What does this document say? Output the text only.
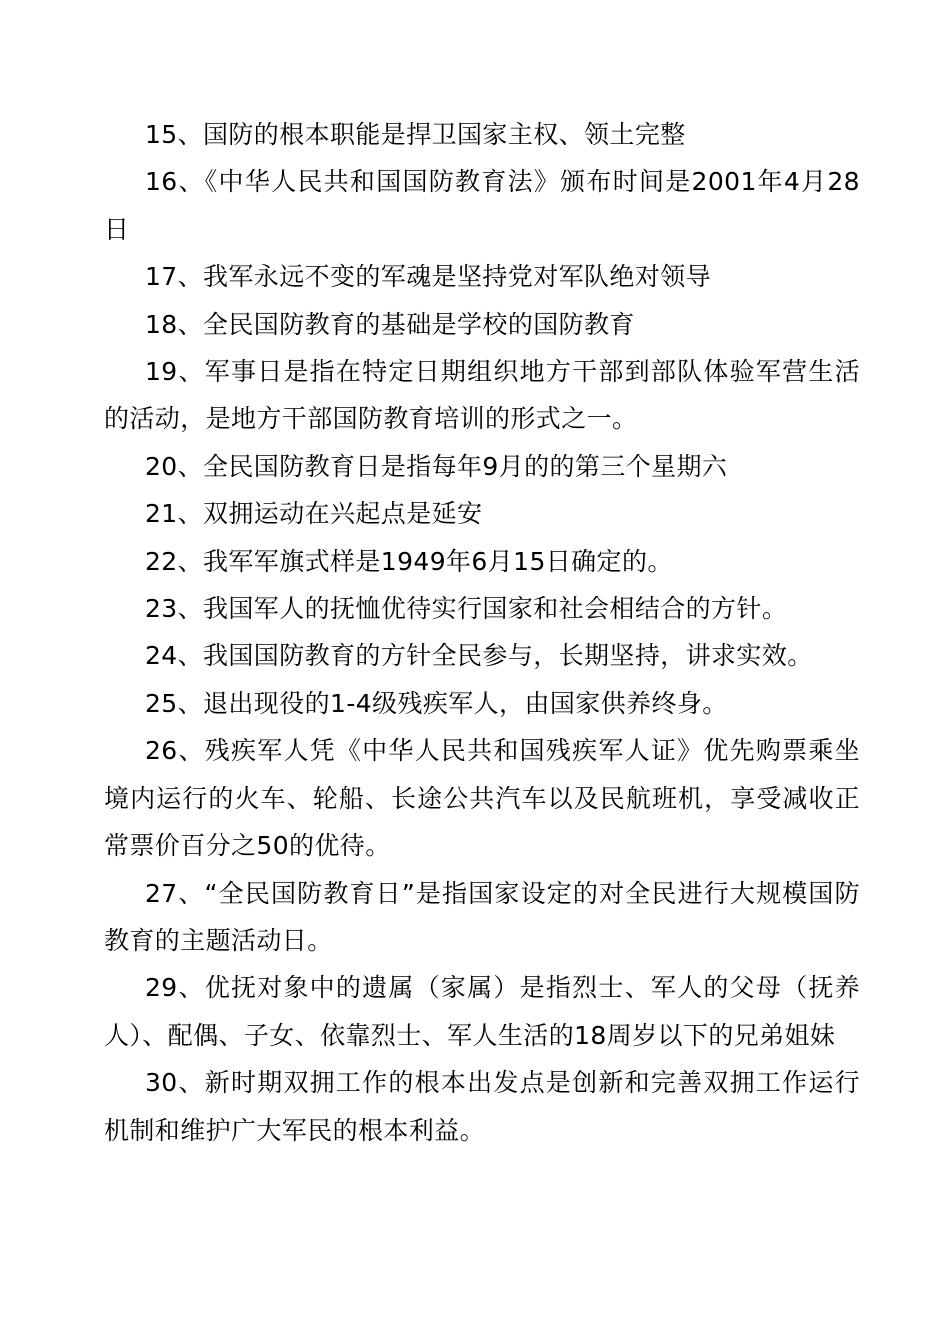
15、国防的根本职能是捍卫国家主权、领土完整

16、《中华人民共和国国防教育法》颁布时间是2001年4月28日

17、我军永远不变的军魂是坚持党对军队绝对领导

18、全民国防教育的基础是学校的国防教育

19、军事日是指在特定日期组织地方干部到部队体验军营生活的活动，是地方干部国防教育培训的形式之一。

20、全民国防教育日是指每年9月的的第三个星期六

21、双拥运动在兴起点是延安

22、我军军旗式样是1949年6月15日确定的。

23、我国军人的抚恤优待实行国家和社会相结合的方针。

24、我国国防教育的方针全民参与，长期坚持，讲求实效。

25、退出现役的1-4级残疾军人，由国家供养终身。

26、残疾军人凭《中华人民共和国残疾军人证》优先购票乘坐境内运行的火车、轮船、长途公共汽车以及民航班机，享受减收正常票价百分之50的优待。

27、“全民国防教育日”是指国家设定的对全民进行大规模国防教育的主题活动日。

29、优抚对象中的遗属（家属）是指烈士、军人的父母（抚养人）、配偶、子女、依靠烈士、军人生活的18周岁以下的兄弟姐妹

30、新时期双拥工作的根本出发点是创新和完善双拥工作运行机制和维护广大军民的根本利益。
